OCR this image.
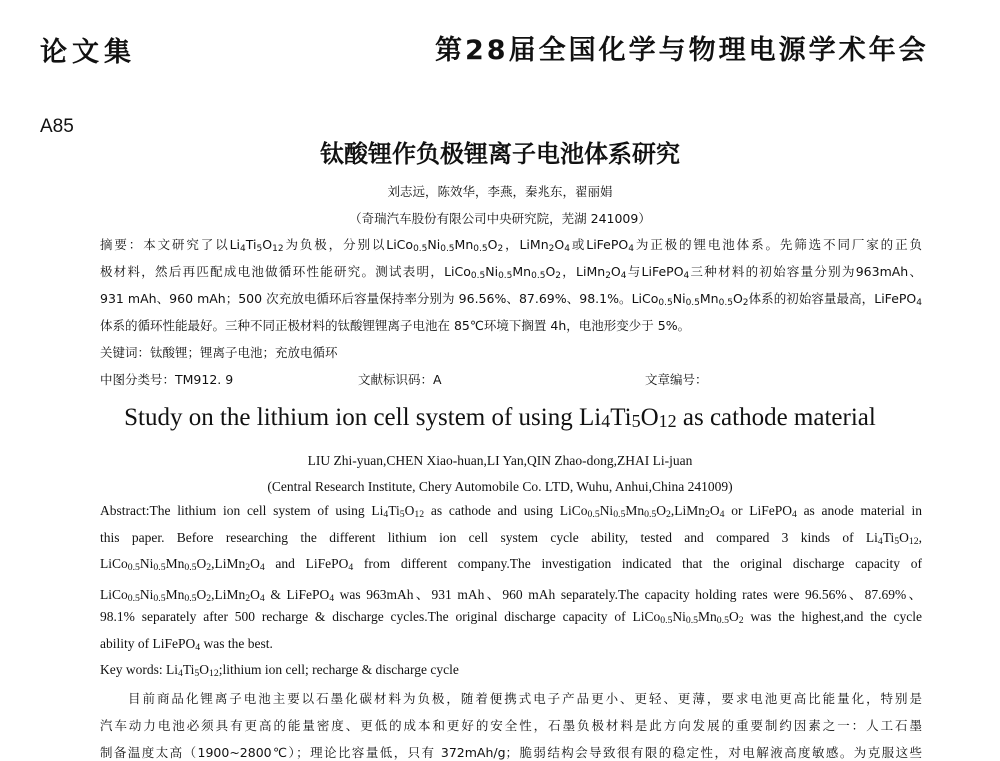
论文集	第28届全国化学与物理电源学术年会
A85
钛酸锂作负极锂离子电池体系研究
刘志远，陈效华，李燕，秦兆东，翟丽娟
（奇瑞汽车股份有限公司中央研究院，芜湖 241009）
摘要：本文研究了以$Li_4Ti_5O_{12}$为负极，分别以$LiCo_{0.5}Ni_{0.5}Mn_{0.5}O_2$，$LiMn_2O_4$或LiFePO$_4$为正极的锂电池体系。先筛选不同厂家的正负
极材料，然后再匹配成电池做循环性能研究。测试表明，$LiCo_{0.5}Ni_{0.5}Mn_{0.5}O_2$，$LiMn_2O_4$与LiFePO$_4$三种材料的初始容量分别为963mAh、
931 mAh、960 mAh；500 次充放电循环后容量保持率分别为 96.56%、87.69%、98.1%。$LiCo_{0.5}Ni_{0.5}Mn_{0.5}O_2$体系的初始容量最高，LiFePO$_4$
体系的循环性能最好。三种不同正极材料的钛酸锂锂离子电池在 85℃环境下搁置 4h，电池形变少于 5%。
关键词：钛酸锂；锂离子电池；充放电循环
中图分类号：TM912. 9	文献标识码：A	文章编号：
Study on the lithium ion cell system of using $Li_4Ti_5O_{12}$ as cathode material
LIU Zhi-yuan,CHEN Xiao-huan,LI Yan,QIN Zhao-dong,ZHAI Li-juan
(Central Research Institute, Chery Automobile Co. LTD, Wuhu, Anhui,China 241009)
Abstract:The lithium ion cell system of using $Li_4Ti_5O_{12}$ as cathode and using $LiCo_{0.5}Ni_{0.5}Mn_{0.5}O_2,LiMn_2O_4$ or LiFePO$_4$ as anode material in
this paper. Before researching the different lithium ion cell system cycle ability, tested and compared 3 kinds of $Li_4Ti_5O_{12}$,
$LiCo_{0.5}Ni_{0.5}Mn_{0.5}O_2,LiMn_2O_4$ and LiFePO$_4$ from different company.The investigation indicated that the original discharge capacity of
$LiCo_{0.5}Ni_{0.5}Mn_{0.5}O_2,LiMn_2O_4$ & LiFePO$_4$ was 963mAh、931 mAh、960 mAh separately.The capacity holding rates were 96.56%、87.69%、
98.1% separately after 500 recharge & discharge cycles.The original discharge capacity of $LiCo_{0.5}Ni_{0.5}Mn_{0.5}O_2$ was the highest,and the cycle
ability of LiFePO$_4$ was the best.
Key words: $Li_4Ti_5O_{12};lithium$ ion cell; recharge & discharge cycle
目前商品化锂离子电池主要以石墨化碳材料为负极，随着便携式电子产品更小、更轻、更薄，要求电池更高比能量化，特别是
汽车动力电池必须具有更高的能量密度、更低的成本和更好的安全性，石墨负极材料是此方向发展的重要制约因素之一：人工石墨
制备温度太高（1900~2800℃）；理论比容量低，只有 372mAh/g；脆弱结构会导致很有限的稳定性，对电解液高度敏感。为克服这些
